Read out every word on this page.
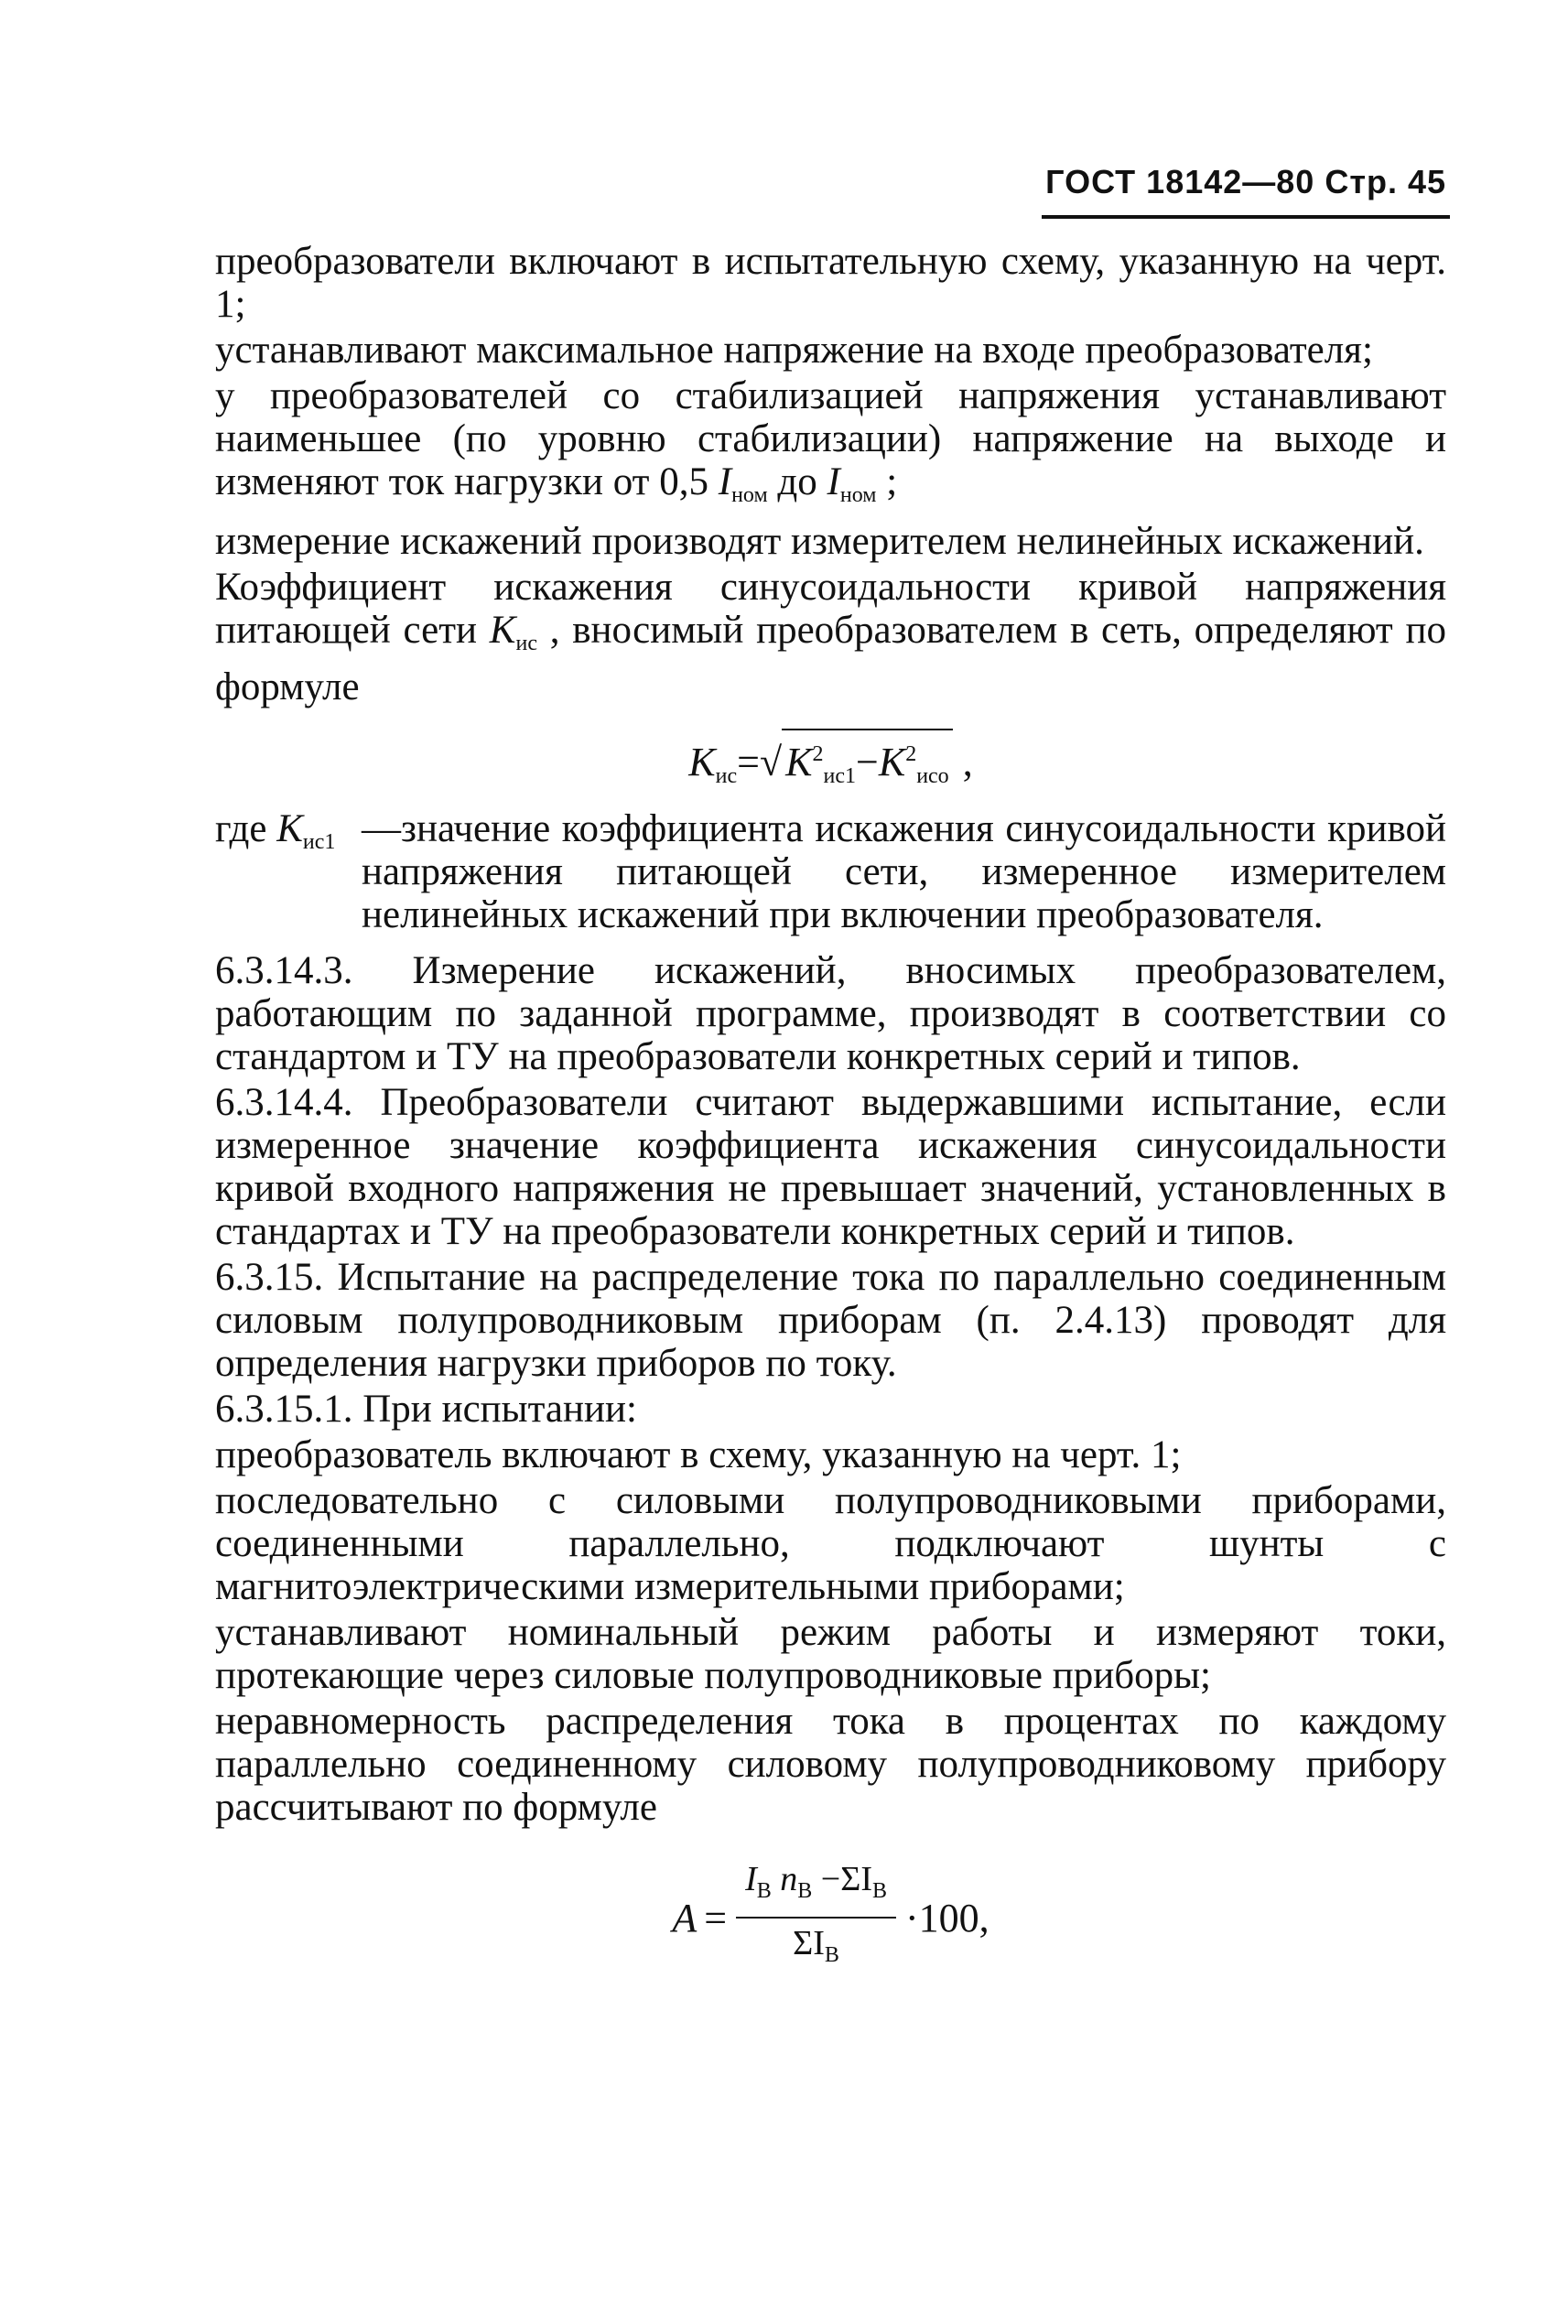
ГОСТ 18142—80 Стр. 45

преобразователи включают в испытательную схему, указанную на черт. 1;

устанавливают максимальное напряжение на входе преобразователя;

у преобразователей со стабилизацией напряжения устанавливают наименьшее (по уровню стабилизации) напряжение на выходе и изменяют ток нагрузки от 0,5 $I_{ном}$ до $I_{ном}$ ;

измерение искажений производят измерителем нелинейных искажений.

Коэффициент искажения синусоидальности кривой напряжения питающей сети $K_{ис}$ , вносимый преобразователем в сеть, определяют по формуле

$K_{ис}=√K^2_{ис1}-K^2_{исо}$ ,
где $K_{ис1}$ —значение коэффициента искажения синусоидальности кривой напряжения питающей сети, измеренное измерителем нелинейных искажений при включении преобразователя.

6.3.14.3. Измерение искажений, вносимых преобразователем, работающим по заданной программе, производят в соответствии со стандартом и ТУ на преобразователи конкретных серий и типов.

6.3.14.4. Преобразователи считают выдержавшими испытание, если измеренное значение коэффициента искажения синусоидальности кривой входного напряжения не превышает значений, установленных в стандартах и ТУ на преобразователи конкретных серий и типов.

6.3.15. Испытание на распределение тока по параллельно соединенным силовым полупроводниковым приборам (п. 2.4.13) проводят для определения нагрузки приборов по току.

6.3.15.1. При испытании:

преобразователь включают в схему, указанную на черт. 1;

последовательно с силовыми полупроводниковыми приборами, соединенными параллельно, подключают шунты с магнитоэлектрическими измерительными приборами;

устанавливают номинальный режим работы и измеряют токи, протекающие через силовые полупроводниковые приборы;

неравномерность распределения тока в процентах по каждому параллельно соединенному силовому полупроводниковому прибору рассчитывают по формуле

$A = \frac{I_B n_B -\Sigma I_B}{\Sigma I_B} \cdot 100$,
